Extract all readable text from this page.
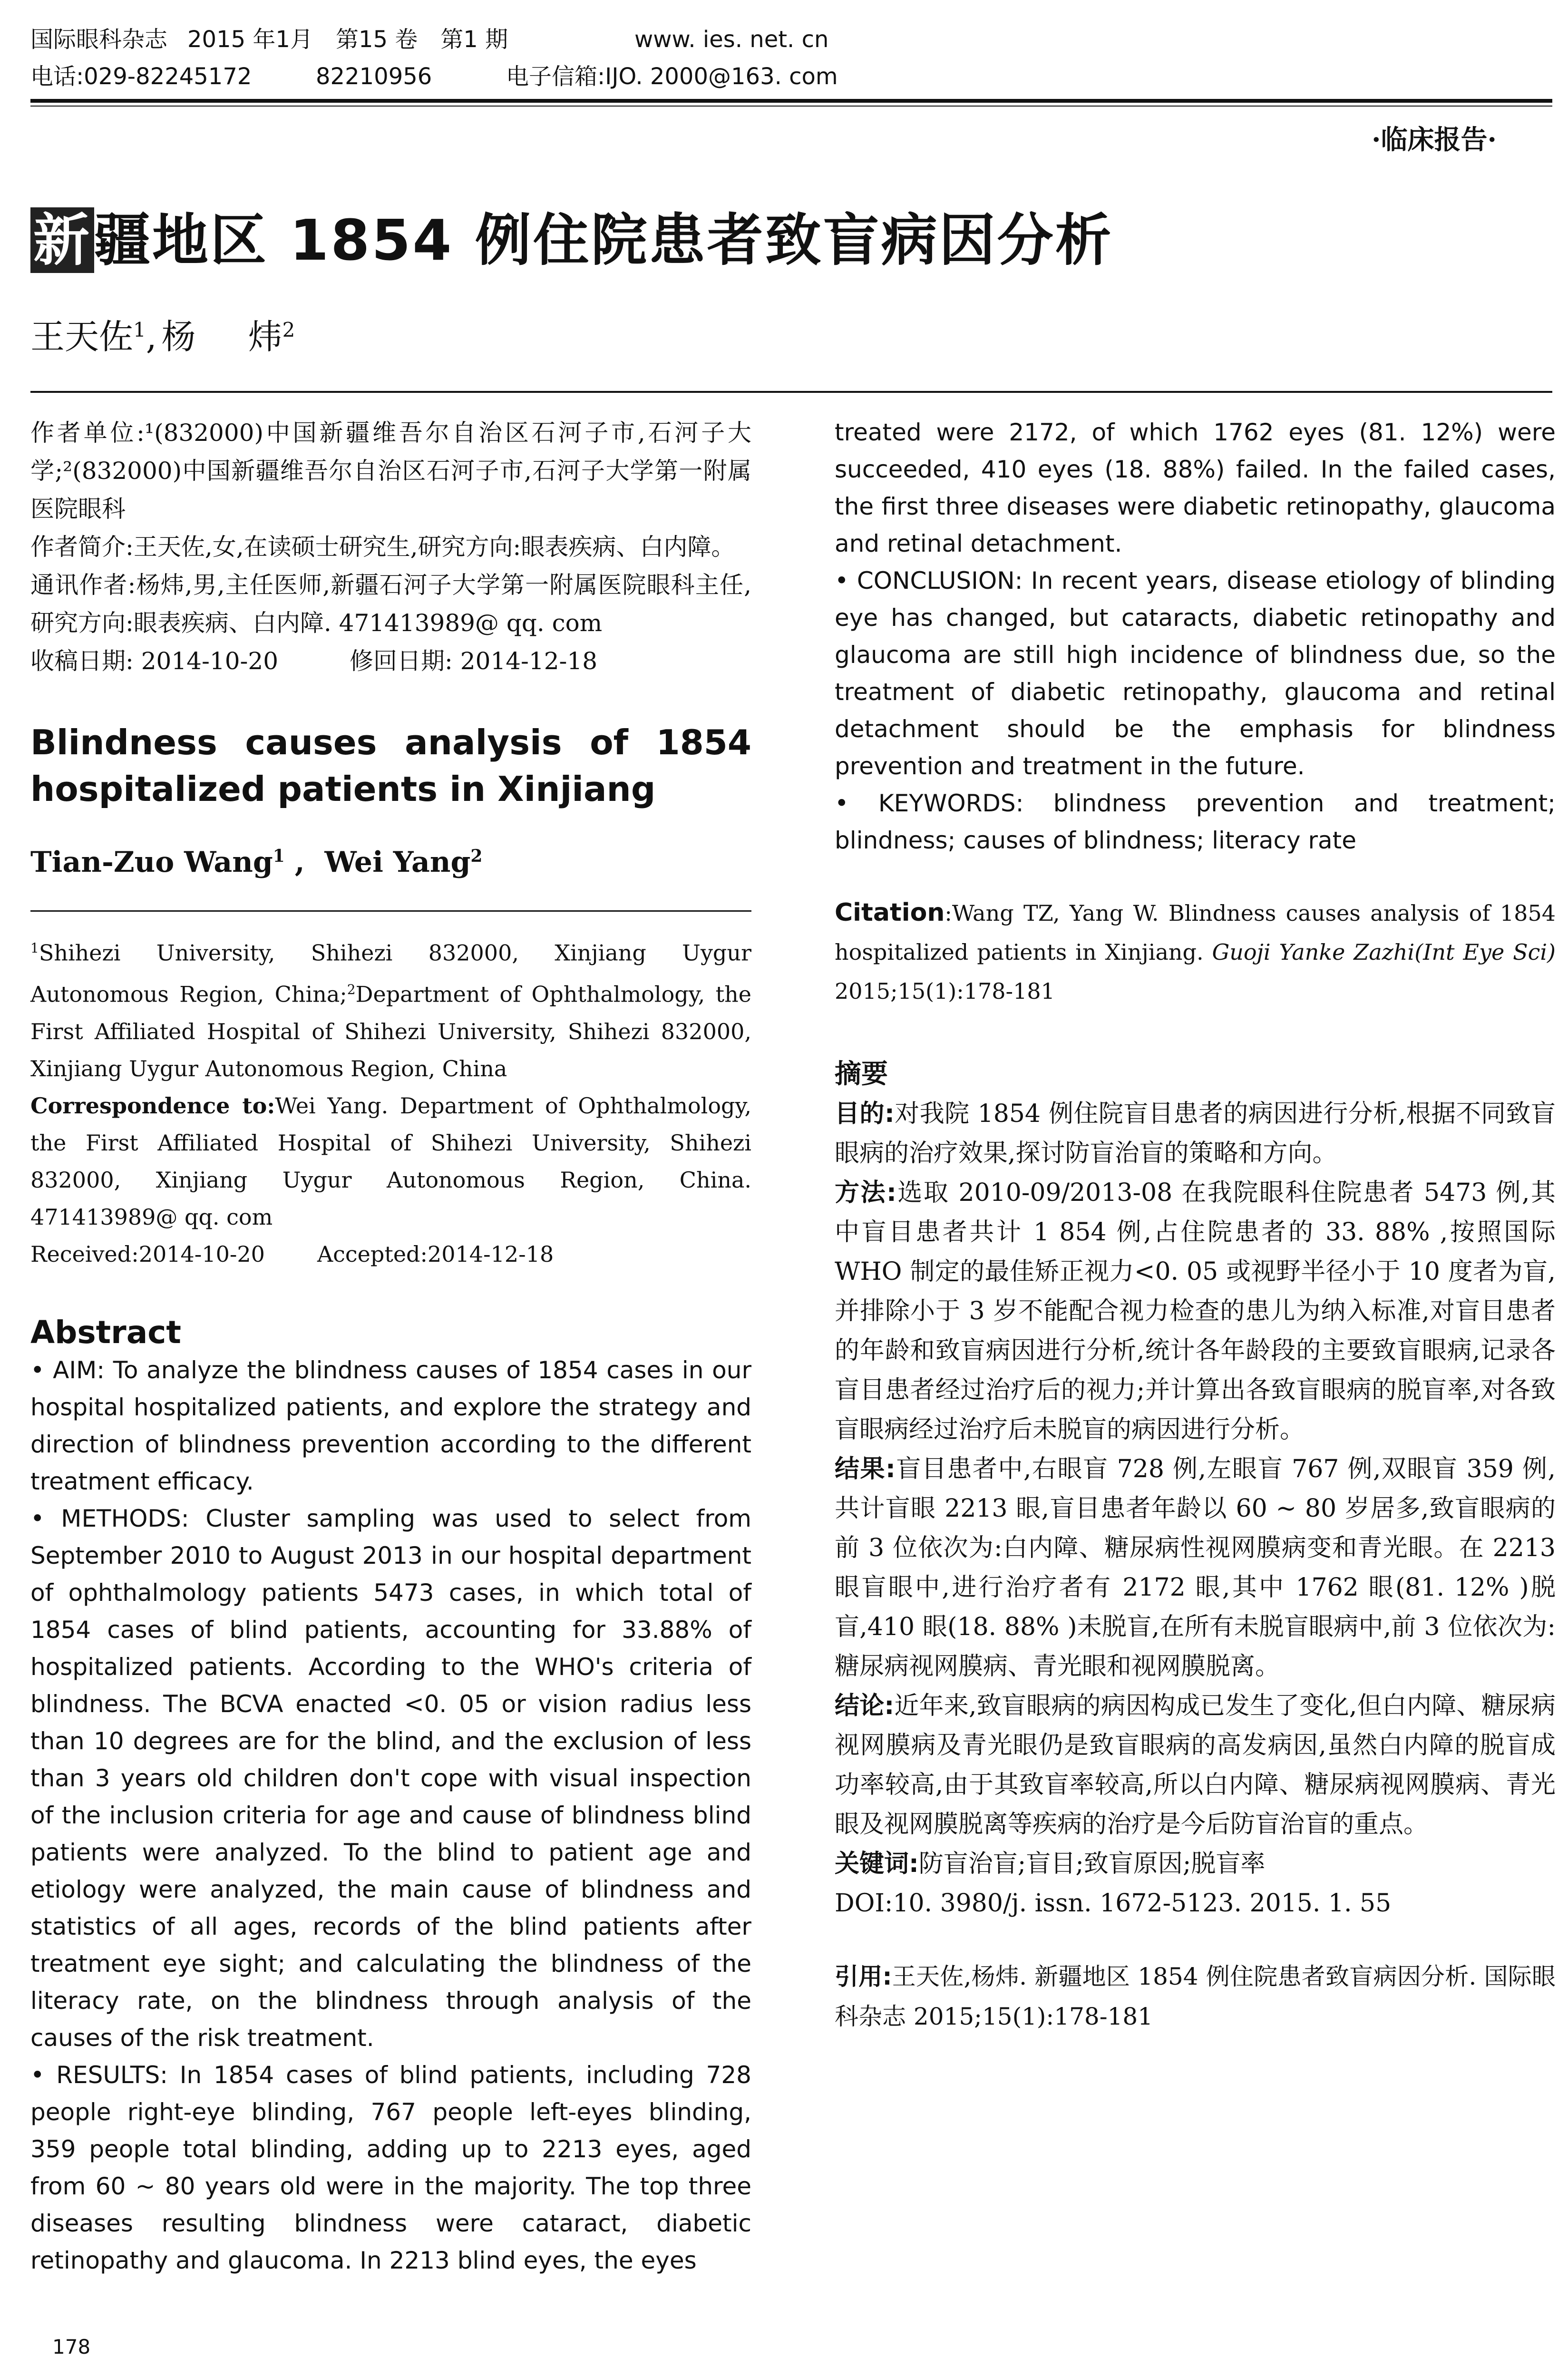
国际眼科杂志 2015 年1月　第15 卷　第1 期	www. ies. net. cn
电话:029-82245172	82210956	电子信箱:IJO. 2000@163. com
·临床报告·
新疆地区 1854 例住院患者致盲病因分析
王天佐$^1$, 杨 炜$^2$

作者单位:¹(832000)中国新疆维吾尔自治区石河子市,石河子大学;²(832000)中国新疆维吾尔自治区石河子市,石河子大学第一附属医院眼科

作者简介:王天佐,女,在读硕士研究生,研究方向:眼表疾病、白内障。

通讯作者:杨炜,男,主任医师,新疆石河子大学第一附属医院眼科主任,研究方向:眼表疾病、白内障. 471413989@ qq. com

收稿日期: 2014-10-20　　　修回日期: 2014-12-18

Blindness causes analysis of 1854 hospitalized patients in Xinjiang
Tian-Zuo Wang$^1$ ,  Wei Yang$^2$

$^1$Shihezi University, Shihezi 832000, Xinjiang Uygur Autonomous Region, China;$^2$Department of Ophthalmology, the First Affiliated Hospital of Shihezi University, Shihezi 832000, Xinjiang Uygur Autonomous Region, China

Correspondence to:Wei Yang. Department of Ophthalmology, the First Affiliated Hospital of Shihezi University, Shihezi 832000, Xinjiang Uygur Autonomous Region, China. 471413989@ qq. com

Received:2014-10-20 Accepted:2014-12-18

Abstract

• AIM: To analyze the blindness causes of 1854 cases in our hospital hospitalized patients, and explore the strategy and direction of blindness prevention according to the different treatment efficacy.

• METHODS: Cluster sampling was used to select from September 2010 to August 2013 in our hospital department of ophthalmology patients 5473 cases, in which total of 1854 cases of blind patients, accounting for 33.88% of hospitalized patients. According to the WHO's criteria of blindness. The BCVA enacted <0. 05 or vision radius less than 10 degrees are for the blind, and the exclusion of less than 3 years old children don't cope with visual inspection of the inclusion criteria for age and cause of blindness blind patients were analyzed. To the blind to patient age and etiology were analyzed, the main cause of blindness and statistics of all ages, records of the blind patients after treatment eye sight; and calculating the blindness of the literacy rate, on the blindness through analysis of the causes of the risk treatment.

• RESULTS: In 1854 cases of blind patients, including 728 people right-eye blinding, 767 people left-eyes blinding, 359 people total blinding, adding up to 2213 eyes, aged from 60 ~ 80 years old were in the majority. The top three diseases resulting blindness were cataract, diabetic retinopathy and glaucoma. In 2213 blind eyes, the eyes

treated were 2172, of which 1762 eyes (81. 12%) were succeeded, 410 eyes (18. 88%) failed. In the failed cases, the first three diseases were diabetic retinopathy, glaucoma and retinal detachment.

• CONCLUSION: In recent years, disease etiology of blinding eye has changed, but cataracts, diabetic retinopathy and glaucoma are still high incidence of blindness due, so the treatment of diabetic retinopathy, glaucoma and retinal detachment should be the emphasis for blindness prevention and treatment in the future.

• KEYWORDS: blindness prevention and treatment; blindness; causes of blindness; literacy rate

Citation:Wang TZ, Yang W. Blindness causes analysis of 1854 hospitalized patients in Xinjiang. Guoji Yanke Zazhi(Int Eye Sci) 2015;15(1):178-181
摘要

目的:对我院 1854 例住院盲目患者的病因进行分析,根据不同致盲眼病的治疗效果,探讨防盲治盲的策略和方向。

方法:选取 2010-09/2013-08 在我院眼科住院患者 5473 例,其中盲目患者共计 1 854 例,占住院患者的 33. 88% ,按照国际 WHO 制定的最佳矫正视力<0. 05 或视野半径小于 10 度者为盲,并排除小于 3 岁不能配合视力检查的患儿为纳入标准,对盲目患者的年龄和致盲病因进行分析,统计各年龄段的主要致盲眼病,记录各盲目患者经过治疗后的视力;并计算出各致盲眼病的脱盲率,对各致盲眼病经过治疗后未脱盲的病因进行分析。

结果:盲目患者中,右眼盲 728 例,左眼盲 767 例,双眼盲 359 例,共计盲眼 2213 眼,盲目患者年龄以 60 ~ 80 岁居多,致盲眼病的前 3 位依次为:白内障、糖尿病性视网膜病变和青光眼。在 2213 眼盲眼中,进行治疗者有 2172 眼,其中 1762 眼(81. 12% )脱盲,410 眼(18. 88% )未脱盲,在所有未脱盲眼病中,前 3 位依次为:糖尿病视网膜病、青光眼和视网膜脱离。

结论:近年来,致盲眼病的病因构成已发生了变化,但白内障、糖尿病视网膜病及青光眼仍是致盲眼病的高发病因,虽然白内障的脱盲成功率较高,由于其致盲率较高,所以白内障、糖尿病视网膜病、青光眼及视网膜脱离等疾病的治疗是今后防盲治盲的重点。

关键词:防盲治盲;盲目;致盲原因;脱盲率

DOI:10. 3980/j. issn. 1672-5123. 2015. 1. 55

引用:王天佐,杨炜. 新疆地区 1854 例住院患者致盲病因分析. 国际眼科杂志 2015;15(1):178-181
178
